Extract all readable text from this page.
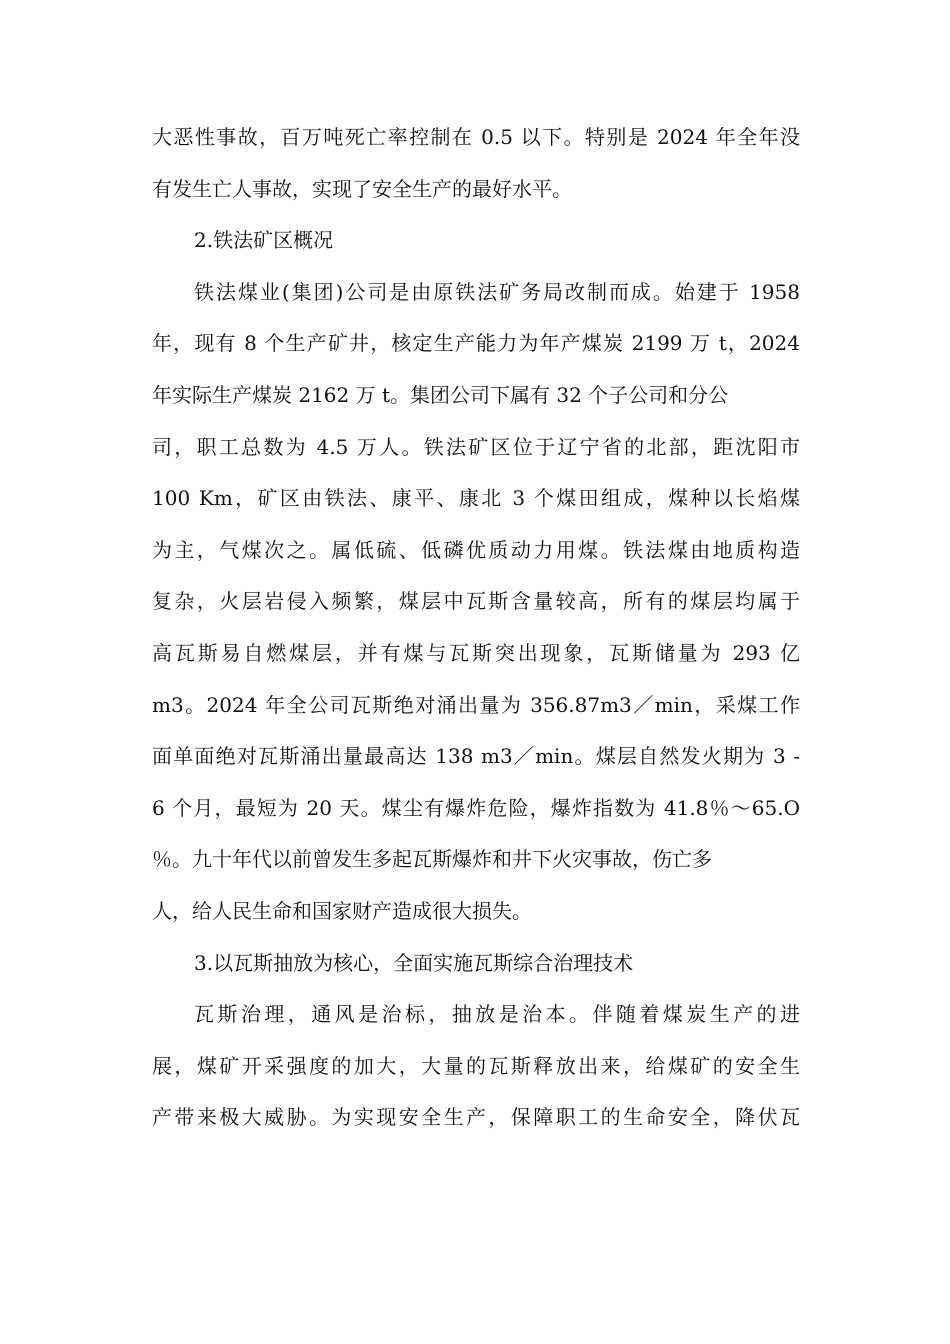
大恶性事故，百万吨死亡率控制在 0.5 以下。特别是 2024 年全年没
有发生亡人事故，实现了安全生产的最好水平。
2.铁法矿区概况
铁法煤业(集团)公司是由原铁法矿务局改制而成。始建于 1958
年，现有 8 个生产矿井，核定生产能力为年产煤炭 2199 万 t，2024
年实际生产煤炭 2162 万 t。集团公司下属有 32 个子公司和分公
司，职工总数为 4.5 万人。铁法矿区位于辽宁省的北部，距沈阳市
100 Km，矿区由铁法、康平、康北 3 个煤田组成，煤种以长焰煤
为主，气煤次之。属低硫、低磷优质动力用煤。铁法煤由地质构造
复杂，火层岩侵入频繁，煤层中瓦斯含量较高，所有的煤层均属于
高瓦斯易自燃煤层，并有煤与瓦斯突出现象，瓦斯储量为 293 亿
m3。2024 年全公司瓦斯绝对涌出量为 356.87m3／min，采煤工作
面单面绝对瓦斯涌出量最高达 138 m3／min。煤层自然发火期为 3 -
6 个月，最短为 20 天。煤尘有爆炸危险，爆炸指数为 41.8％～65.O
％。九十年代以前曾发生多起瓦斯爆炸和井下火灾事故，伤亡多
人，给人民生命和国家财产造成很大损失。
3.以瓦斯抽放为核心，全面实施瓦斯综合治理技术
瓦斯治理，通风是治标，抽放是治本。伴随着煤炭生产的进
展，煤矿开采强度的加大，大量的瓦斯释放出来，给煤矿的安全生
产带来极大威胁。为实现安全生产，保障职工的生命安全，降伏瓦
